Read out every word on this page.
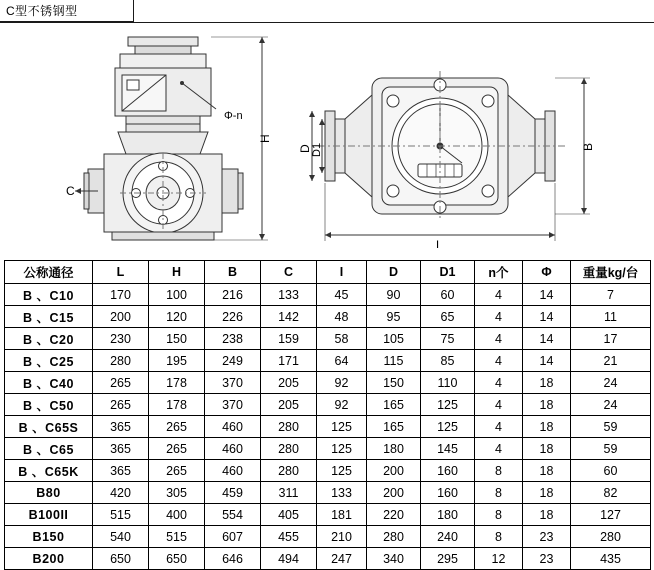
C型不锈钢型
Φ-n
H
C
D D1	B
L
公称通径	L	H	B	C	I	D	D1	n个	Φ	重量kg/台
B 、C10	170	100	216	133	45	90	60	4	14	7
B 、C15	200	120	226	142	48	95	65	4	14	11
B 、C20	230	150	238	159	58	105	75	4	14	17
B 、C25	280	195	249	171	64	115	85	4	14	21
B 、C40	265	178	370	205	92	150	110	4	18	24
B 、C50	265	178	370	205	92	165	125	4	18	24
B 、C65S	365	265	460	280	125	165	125	4	18	59
B 、C65	365	265	460	280	125	180	145	4	18	59
B 、C65K	365	265	460	280	125	200	160	8	18	60
B80	420	305	459	311	133	200	160	8	18	82
B100II	515	400	554	405	181	220	180	8	18	127
B150	540	515	607	455	210	280	240	8	23	280
B200	650	650	646	494	247	340	295	12	23	435
